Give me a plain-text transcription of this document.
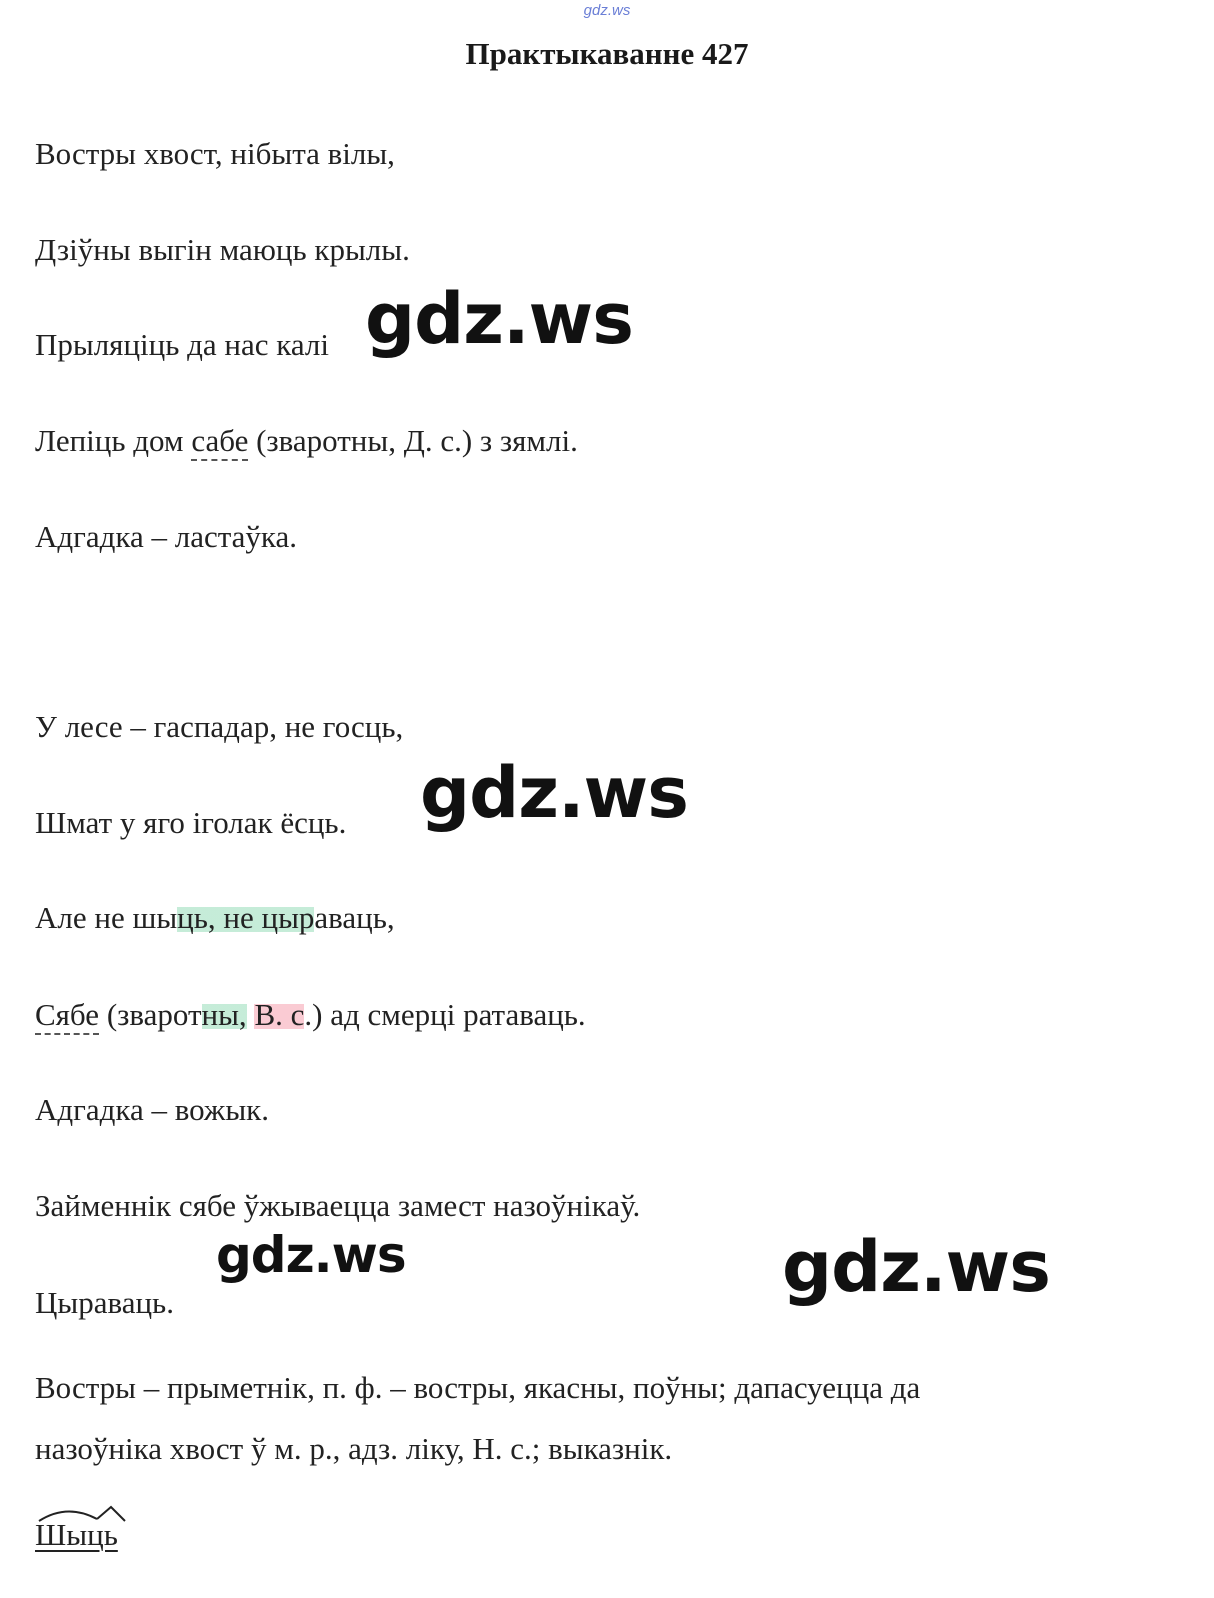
gdz.ws
Практыкаванне 427
Востры хвост, нібыта вілы,
Дзіўны выгін маюць крылы.
Прыляціць да нас калі
Лепіць дом сабе (зваротны, Д. с.) з зямлі.
Адгадка – ластаўка.
У лесе – гаспадар, не госць,
Шмат у яго іголак ёсць.
Але не шыць, не цыраваць,
Сябе (зваротны, В. с.) ад смерці ратаваць.
Адгадка – вожык.
Займеннік сябе ўжываецца замест назоўнікаў.
Цыраваць.
Востры – прыметнік, п. ф. – востры, якасны, поўны; дапасуецца да
назоўніка хвост ў м. р., адз. ліку, Н. с.; выказнік.
Шыць
gdz.ws
gdz.ws
gdz.ws	gdz.ws
